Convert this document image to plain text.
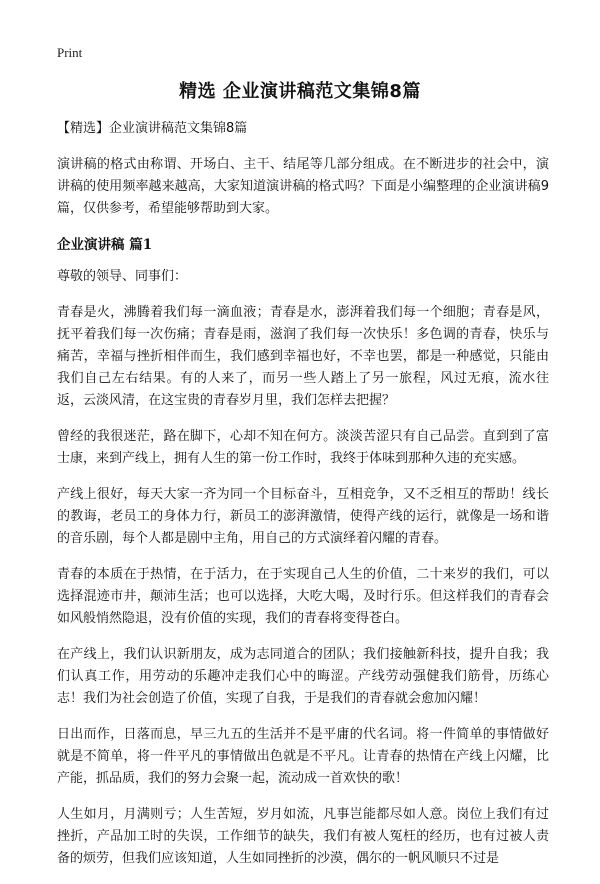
Print
精选 企业演讲稿范文集锦8篇

【精选】企业演讲稿范文集锦8篇

演讲稿的格式由称谓、开场白、主干、结尾等几部分组成。在不断进步的社会中，演讲稿的使用频率越来越高，大家知道演讲稿的格式吗？下面是小编整理的企业演讲稿9篇，仅供参考，希望能够帮助到大家。

企业演讲稿 篇1

尊敬的领导、同事们：

青春是火，沸腾着我们每一滴血液；青春是水，澎湃着我们每一个细胞；青春是风，抚平着我们每一次伤痛；青春是雨，滋润了我们每一次快乐！多色调的青春，快乐与痛苦，幸福与挫折相伴而生，我们感到幸福也好，不幸也罢，都是一种感觉，只能由我们自己左右结果。有的人来了，而另一些人踏上了另一旅程，风过无痕，流水往返，云淡风清，在这宝贵的青春岁月里，我们怎样去把握？

曾经的我很迷茫，路在脚下，心却不知在何方。淡淡苦涩只有自己品尝。直到到了富士康，来到产线上，拥有人生的第一份工作时，我终于体味到那种久违的充实感。

产线上很好，每天大家一齐为同一个目标奋斗，互相竞争，又不乏相互的帮助！线长的教诲，老员工的身体力行，新员工的澎湃激情，使得产线的运行，就像是一场和谐的音乐剧，每个人都是剧中主角，用自己的方式演绎着闪耀的青春。

青春的本质在于热情，在于活力，在于实现自己人生的价值，二十来岁的我们，可以选择混迹市井，颠沛生活；也可以选择，大吃大喝，及时行乐。但这样我们的青春会如风般悄然隐退，没有价值的实现，我们的青春将变得苍白。

在产线上，我们认识新朋友，成为志同道合的团队；我们接触新科技，提升自我；我们认真工作，用劳动的乐趣冲走我们心中的晦涩。产线劳动强健我们筋骨，历练心志！我们为社会创造了价值，实现了自我，于是我们的青春就会愈加闪耀！

日出而作，日落而息，早三九五的生活并不是平庸的代名词。将一件简单的事情做好就是不简单，将一件平凡的事情做出色就是不平凡。让青春的热情在产线上闪耀，比产能，抓品质，我们的努力会聚一起，流动成一首欢快的歌！

人生如月，月满则亏；人生苦短，岁月如流，凡事岂能都尽如人意。岗位上我们有过挫折，产品加工时的失误，工作细节的缺失，我们有被人冤枉的经历，也有过被人责备的烦劳，但我们应该知道，人生如同挫折的沙漠，偶尔的一帆风顺只不过是
